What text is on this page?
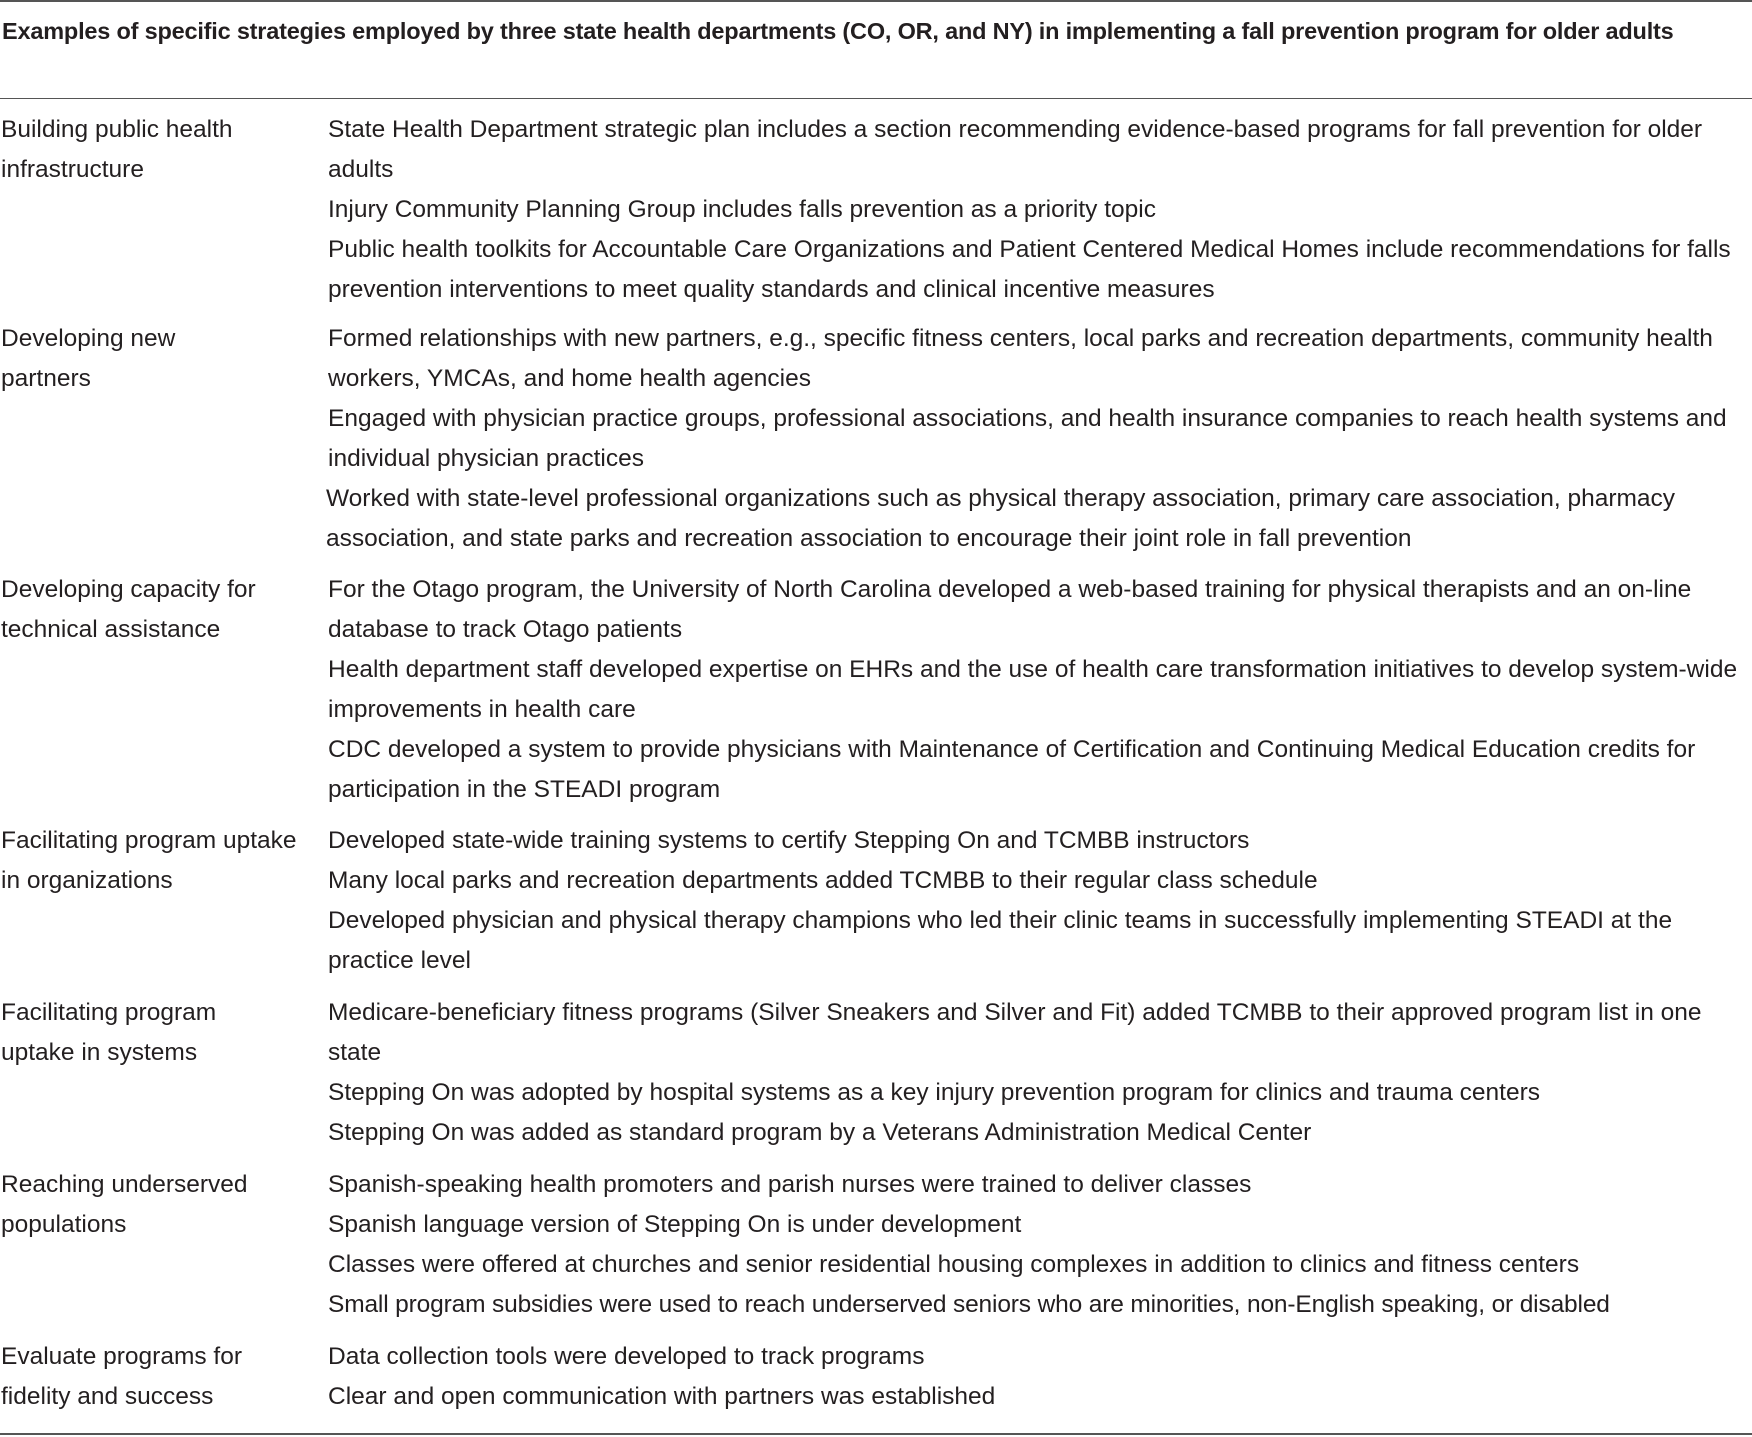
Examples of specific strategies employed by three state health departments (CO, OR, and NY) in implementing a fall prevention program for older adults
Building public health infrastructure
State Health Department strategic plan includes a section recommending evidence-based programs for fall prevention for older adults
Injury Community Planning Group includes falls prevention as a priority topic
Public health toolkits for Accountable Care Organizations and Patient Centered Medical Homes include recommendations for falls prevention interventions to meet quality standards and clinical incentive measures
Developing new partners
Formed relationships with new partners, e.g., specific fitness centers, local parks and recreation departments, community health workers, YMCAs, and home health agencies
Engaged with physician practice groups, professional associations, and health insurance companies to reach health systems and individual physician practices
Worked with state-level professional organizations such as physical therapy association, primary care association, pharmacy association, and state parks and recreation association to encourage their joint role in fall prevention
Developing capacity for technical assistance
For the Otago program, the University of North Carolina developed a web-based training for physical therapists and an on-line database to track Otago patients
Health department staff developed expertise on EHRs and the use of health care transformation initiatives to develop system-wide improvements in health care
CDC developed a system to provide physicians with Maintenance of Certification and Continuing Medical Education credits for participation in the STEADI program
Facilitating program uptake in organizations
Developed state-wide training systems to certify Stepping On and TCMBB instructors
Many local parks and recreation departments added TCMBB to their regular class schedule
Developed physician and physical therapy champions who led their clinic teams in successfully implementing STEADI at the practice level
Facilitating program uptake in systems
Medicare-beneficiary fitness programs (Silver Sneakers and Silver and Fit) added TCMBB to their approved program list in one state
Stepping On was adopted by hospital systems as a key injury prevention program for clinics and trauma centers
Stepping On was added as standard program by a Veterans Administration Medical Center
Reaching underserved populations
Spanish-speaking health promoters and parish nurses were trained to deliver classes
Spanish language version of Stepping On is under development
Classes were offered at churches and senior residential housing complexes in addition to clinics and fitness centers
Small program subsidies were used to reach underserved seniors who are minorities, non-English speaking, or disabled
Evaluate programs for fidelity and success
Data collection tools were developed to track programs
Clear and open communication with partners was established
